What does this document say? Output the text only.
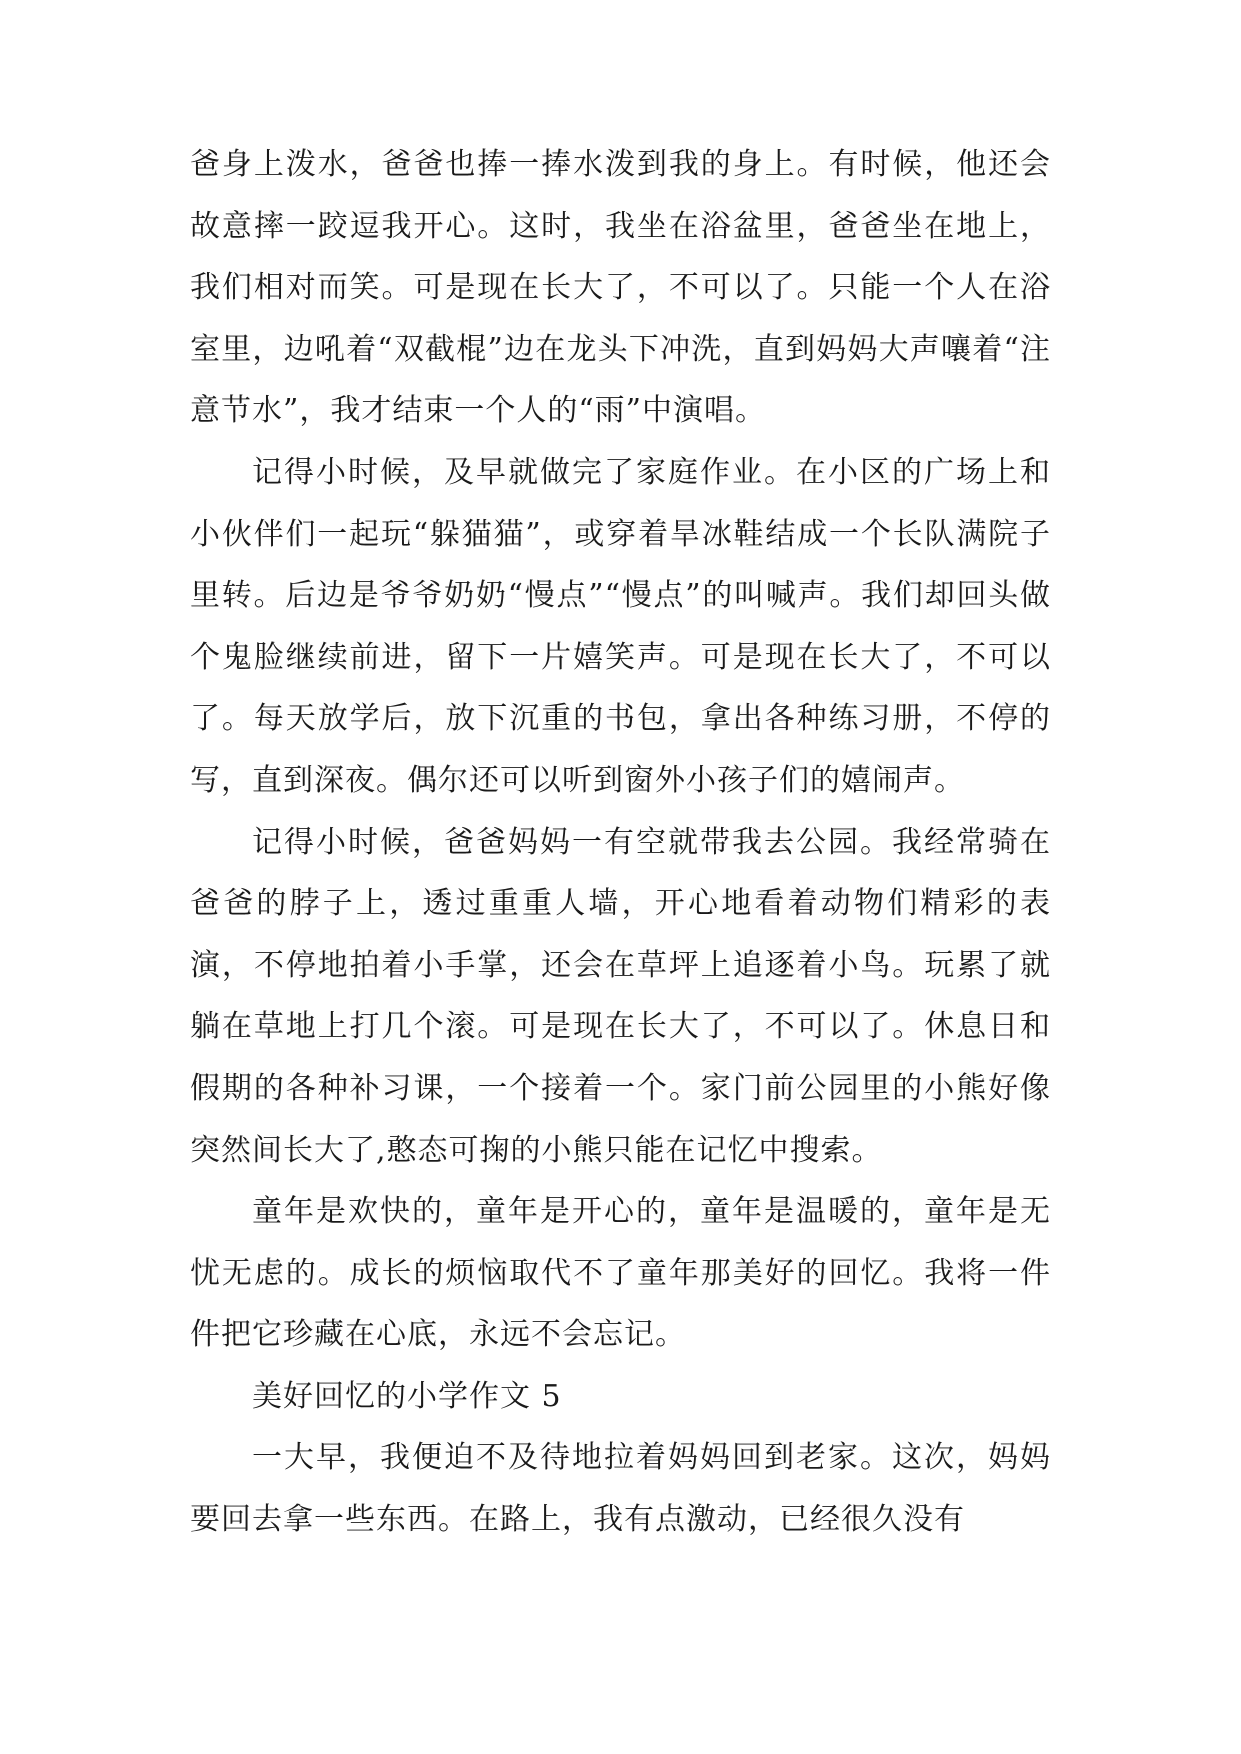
爸身上泼水，爸爸也捧一捧水泼到我的身上。有时候，他还会故意摔一跤逗我开心。这时，我坐在浴盆里，爸爸坐在地上，我们相对而笑。可是现在长大了，不可以了。只能一个人在浴室里，边吼着“双截棍”边在龙头下冲洗，直到妈妈大声嚷着“注意节水”，我才结束一个人的“雨”中演唱。

记得小时候，及早就做完了家庭作业。在小区的广场上和小伙伴们一起玩“躲猫猫”，或穿着旱冰鞋结成一个长队满院子里转。后边是爷爷奶奶“慢点”“慢点”的叫喊声。我们却回头做个鬼脸继续前进，留下一片嬉笑声。可是现在长大了，不可以了。每天放学后，放下沉重的书包，拿出各种练习册，不停的写，直到深夜。偶尔还可以听到窗外小孩子们的嬉闹声。

记得小时候，爸爸妈妈一有空就带我去公园。我经常骑在爸爸的脖子上，透过重重人墙，开心地看着动物们精彩的表演，不停地拍着小手掌，还会在草坪上追逐着小鸟。玩累了就躺在草地上打几个滚。可是现在长大了，不可以了。休息日和假期的各种补习课，一个接着一个。家门前公园里的小熊好像突然间长大了,憨态可掬的小熊只能在记忆中搜索。

童年是欢快的，童年是开心的，童年是温暖的，童年是无忧无虑的。成长的烦恼取代不了童年那美好的回忆。我将一件件把它珍藏在心底，永远不会忘记。

美好回忆的小学作文 5

一大早，我便迫不及待地拉着妈妈回到老家。这次，妈妈要回去拿一些东西。在路上，我有点激动，已经很久没有
